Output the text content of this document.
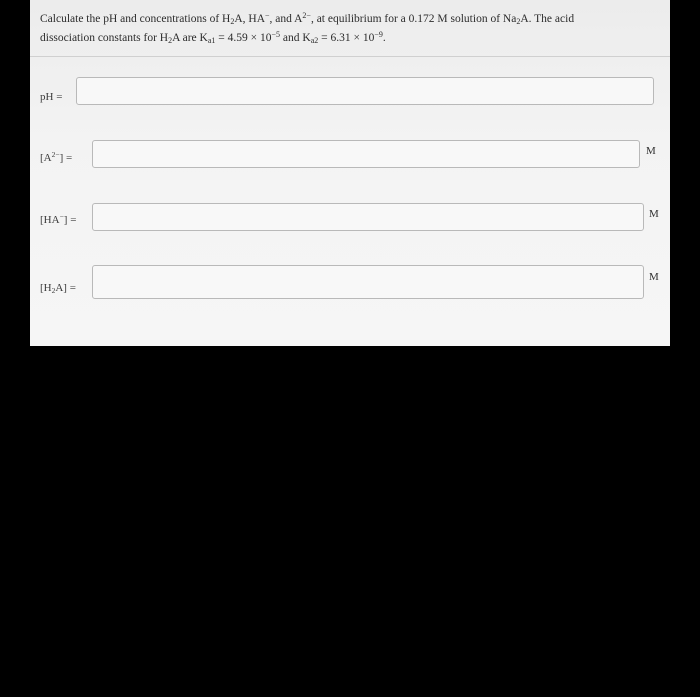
Calculate the pH and concentrations of $H_2A$, HA−, and $A^{2-}$, at equilibrium for a 0.172 M solution of $Na_2A$. The acid
dissociation constants for $H_2A$ are $K_{a1} = 4.59 \times 10^{-5}$ and $K_{a2} = 6.31 \times 10^{-9}$.

pH =
$[A^{2-}]$ =
M
[HA−] =	M
$[H_2A]$ =
M
